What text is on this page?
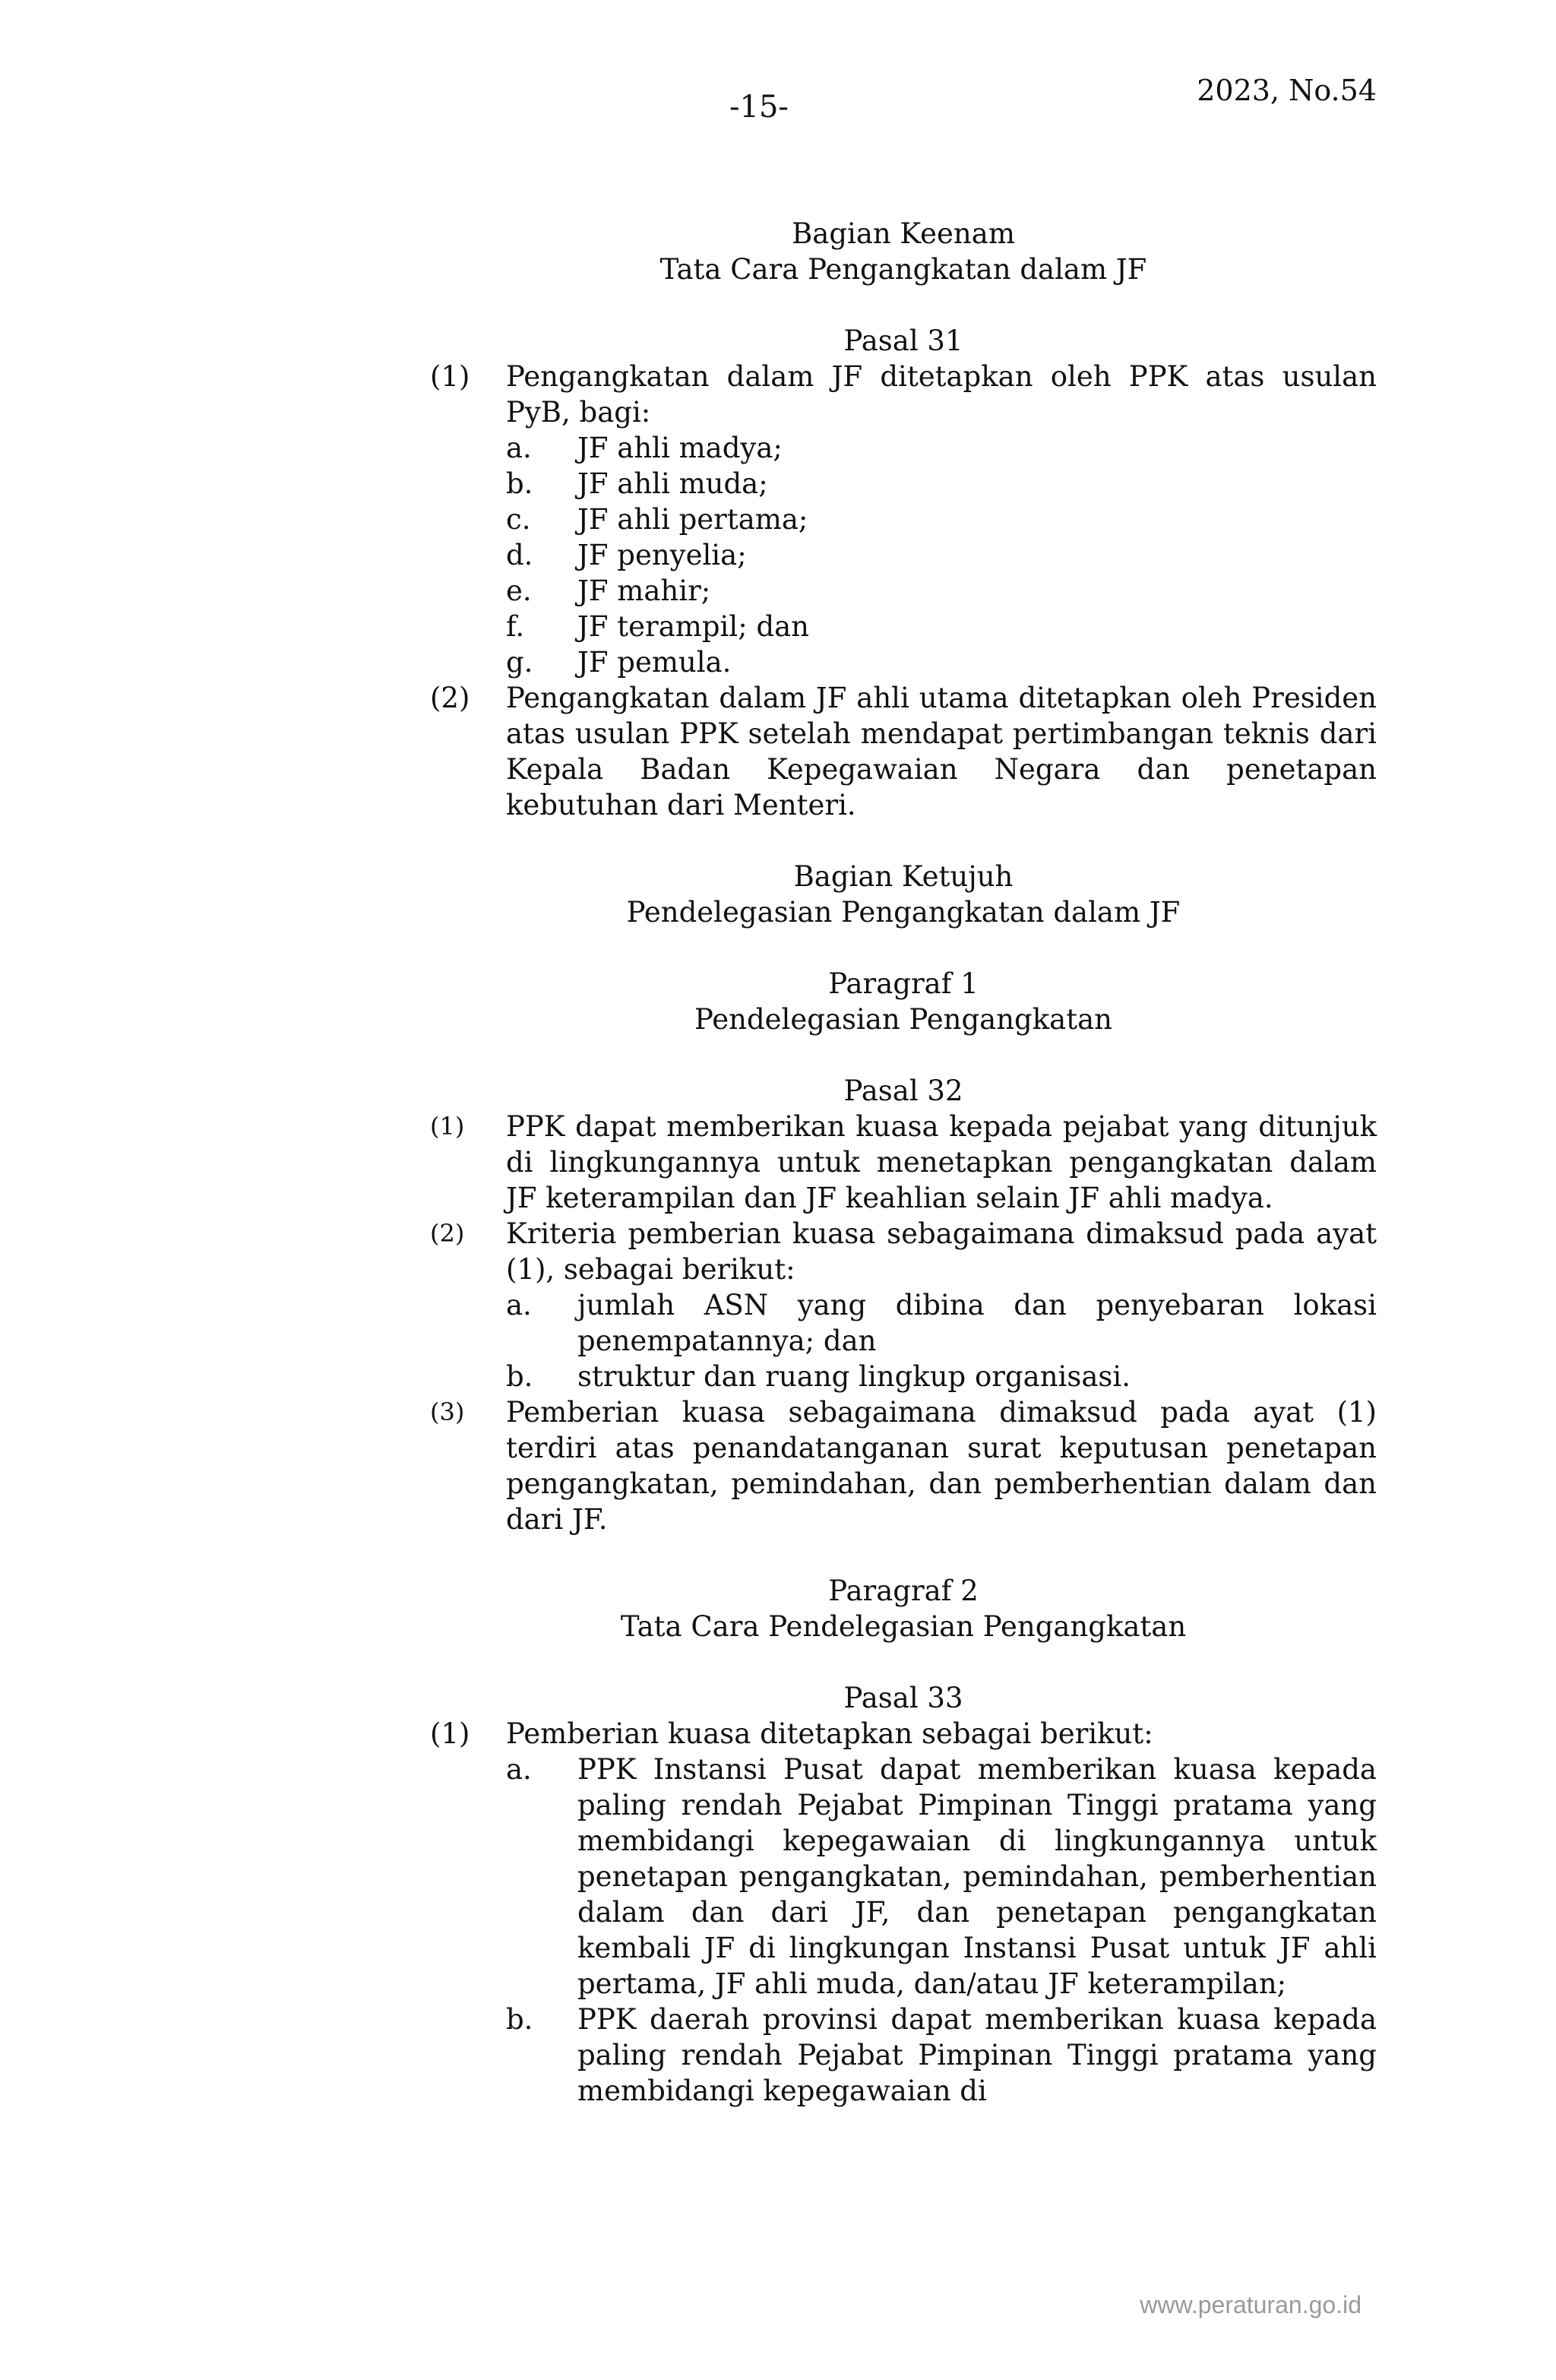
-15-	2023, No.54
Bagian Keenam
Tata Cara Pengangkatan dalam JF
Pasal 31
(1)	Pengangkatan dalam JF ditetapkan oleh PPK atas usulan PyB, bagi:
a.	JF ahli madya;
b.	JF ahli muda;
c.	JF ahli pertama;
d.	JF penyelia;
e.	JF mahir;
f.	JF terampil; dan
g.	JF pemula.
(2)	Pengangkatan dalam JF ahli utama ditetapkan oleh Presiden atas usulan PPK setelah mendapat pertimbangan teknis dari Kepala Badan Kepegawaian Negara dan penetapan kebutuhan dari Menteri.
Bagian Ketujuh
Pendelegasian Pengangkatan dalam JF
Paragraf 1
Pendelegasian Pengangkatan
Pasal 32
(1)	PPK dapat memberikan kuasa kepada pejabat yang ditunjuk di lingkungannya untuk menetapkan pengangkatan dalam JF keterampilan dan JF keahlian selain JF ahli madya.
(2)	Kriteria pemberian kuasa sebagaimana dimaksud pada ayat (1), sebagai berikut:
a.	jumlah ASN yang dibina dan penyebaran lokasi penempatannya; dan
b.	struktur dan ruang lingkup organisasi.
(3)	Pemberian kuasa sebagaimana dimaksud pada ayat (1) terdiri atas penandatanganan surat keputusan penetapan pengangkatan, pemindahan, dan pemberhentian dalam dan dari JF.
Paragraf 2
Tata Cara Pendelegasian Pengangkatan
Pasal 33
(1)	Pemberian kuasa ditetapkan sebagai berikut:
a.	PPK Instansi Pusat dapat memberikan kuasa kepada paling rendah Pejabat Pimpinan Tinggi pratama yang membidangi kepegawaian di lingkungannya untuk penetapan pengangkatan, pemindahan, pemberhentian dalam dan dari JF, dan penetapan pengangkatan kembali JF di lingkungan Instansi Pusat untuk JF ahli pertama, JF ahli muda, dan/atau JF keterampilan;
b.	PPK daerah provinsi dapat memberikan kuasa kepada paling rendah Pejabat Pimpinan Tinggi pratama yang membidangi kepegawaian di
www.peraturan.go.id
